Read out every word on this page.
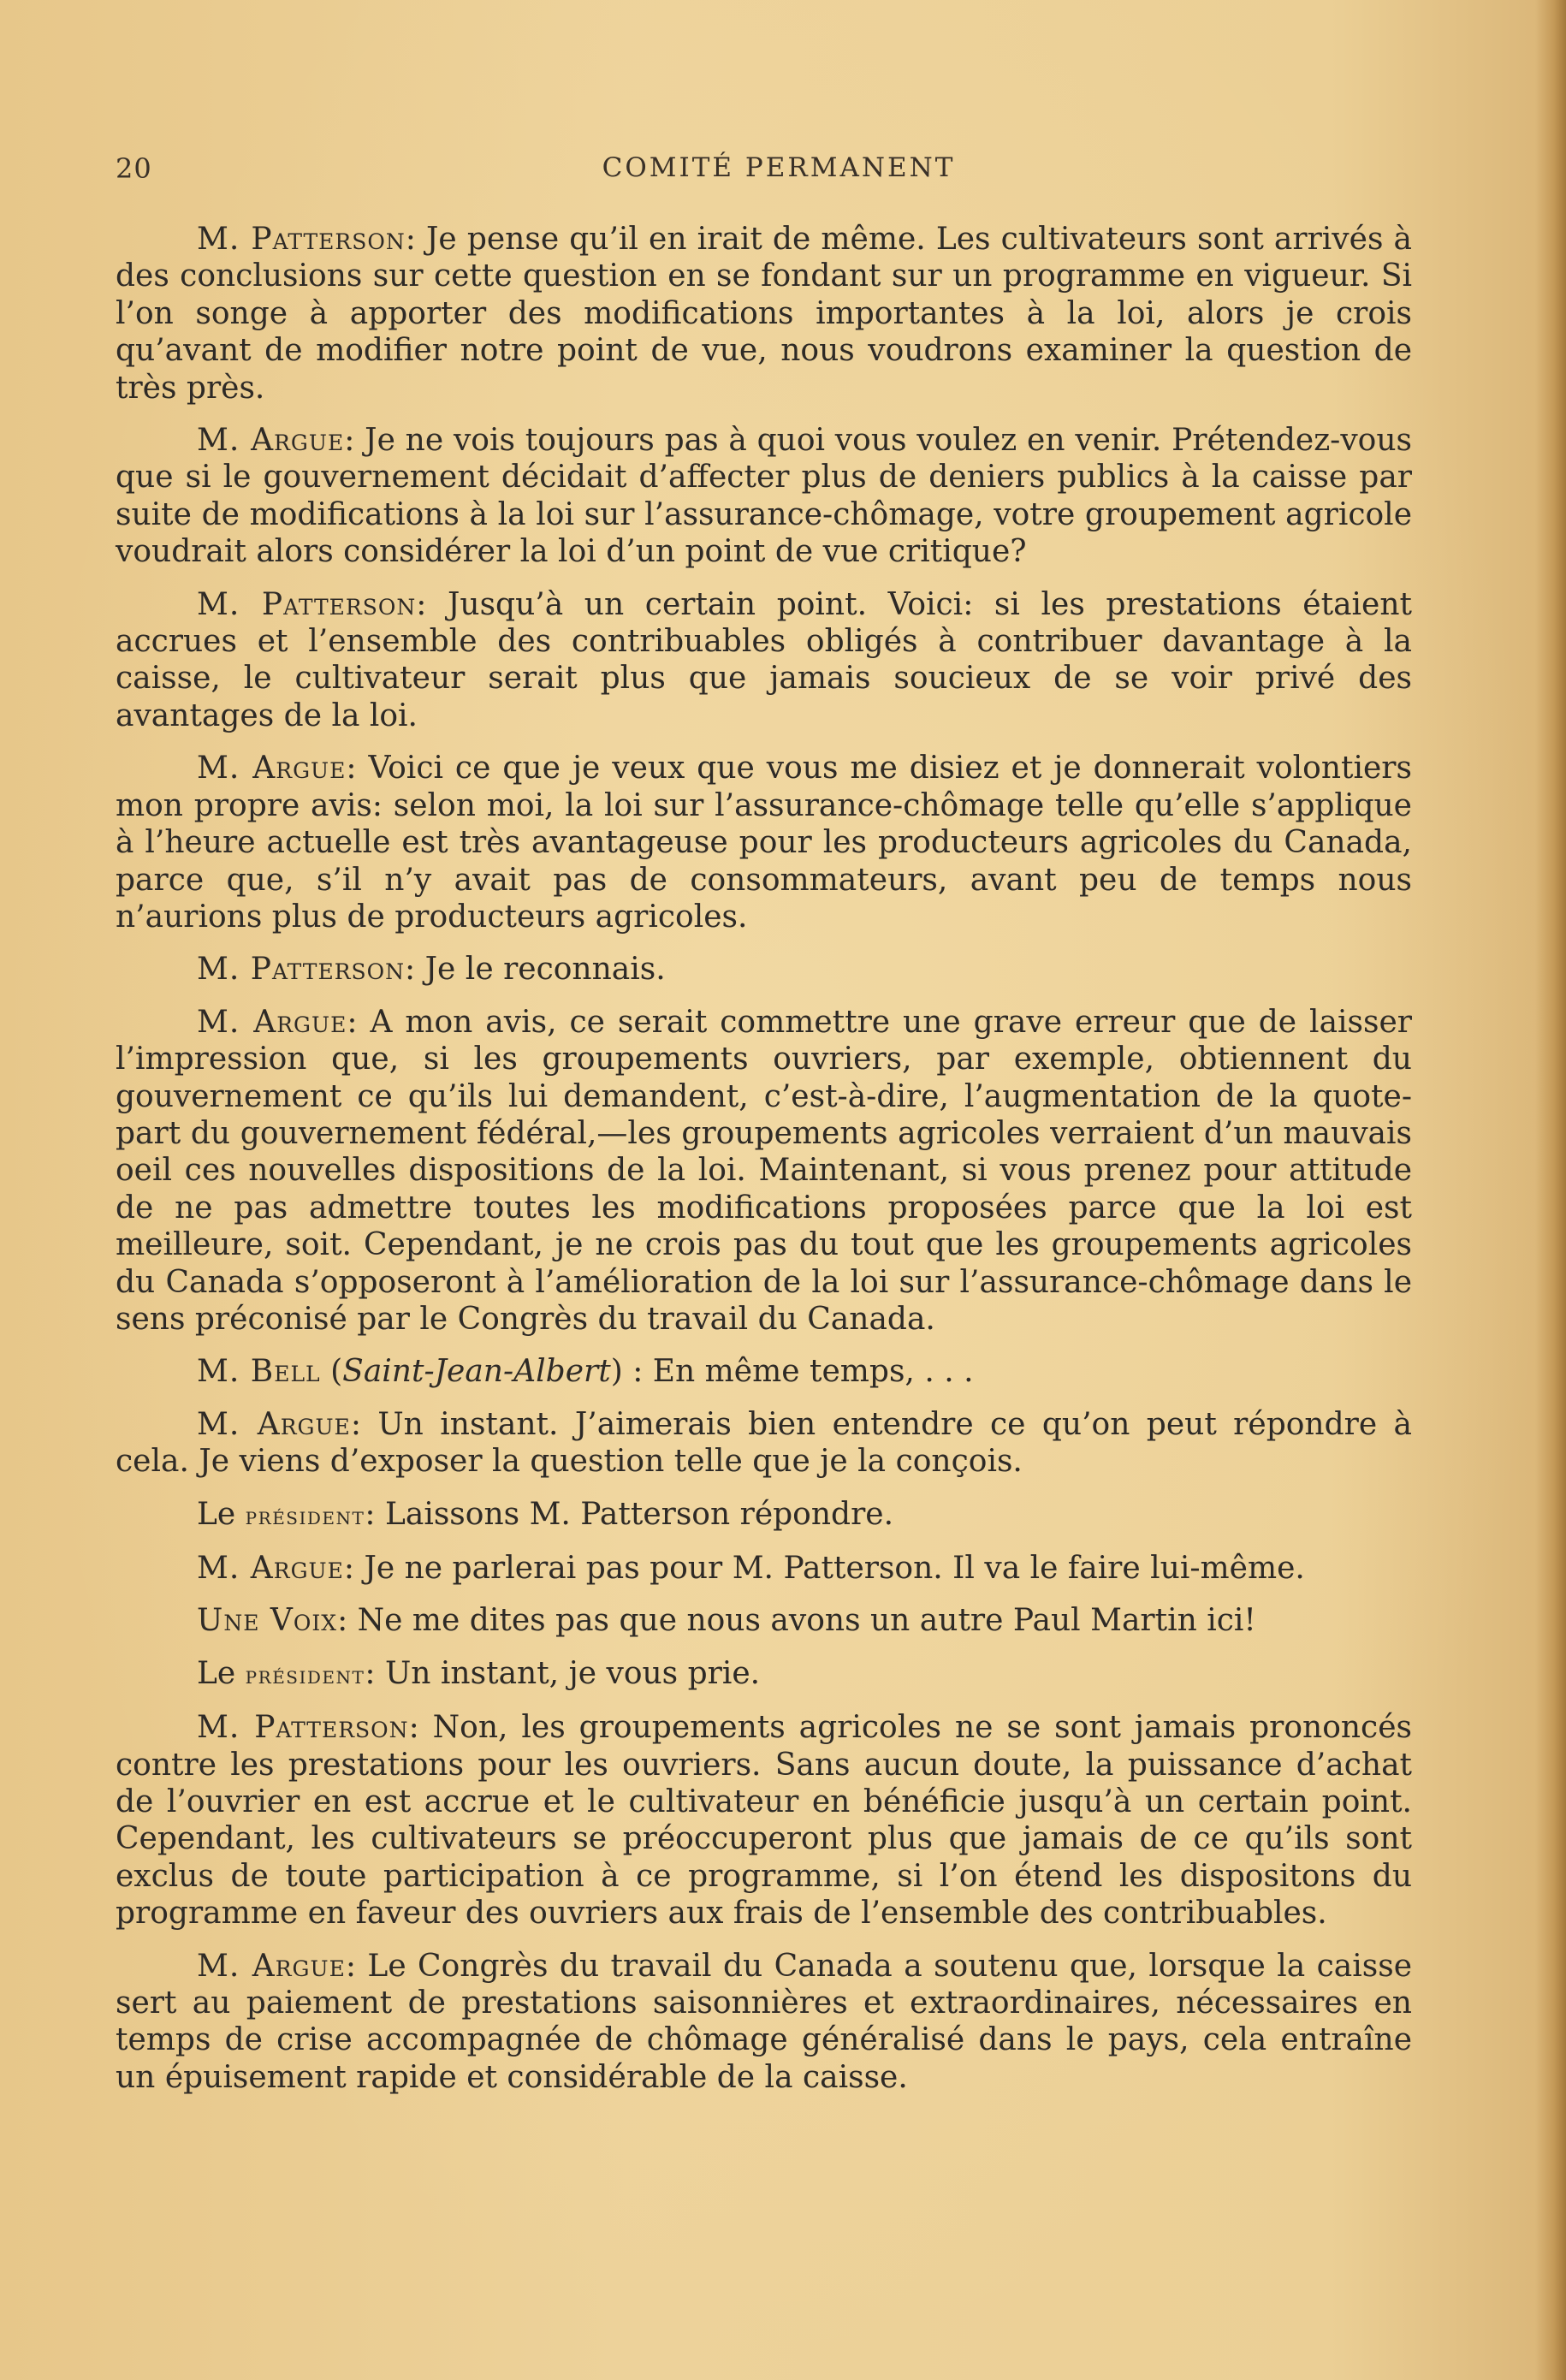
20	COMITÉ PERMANENT

M. Patterson: Je pense qu’il en irait de même. Les cultivateurs sont arrivés à des conclusions sur cette question en se fondant sur un programme en vigueur. Si l’on songe à apporter des modifications importantes à la loi, alors je crois qu’avant de modifier notre point de vue, nous voudrons examiner la question de très près.

M. Argue: Je ne vois toujours pas à quoi vous voulez en venir. Prétendez-vous que si le gouvernement décidait d’affecter plus de deniers publics à la caisse par suite de modifications à la loi sur l’assurance-chômage, votre groupement agricole voudrait alors considérer la loi d’un point de vue critique?

M. Patterson: Jusqu’à un certain point. Voici: si les prestations étaient accrues et l’ensemble des contribuables obligés à contribuer davantage à la caisse, le cultivateur serait plus que jamais soucieux de se voir privé des avantages de la loi.

M. Argue: Voici ce que je veux que vous me disiez et je donnerait volontiers mon propre avis: selon moi, la loi sur l’assurance-chômage telle qu’elle s’applique à l’heure actuelle est très avantageuse pour les producteurs agricoles du Canada, parce que, s’il n’y avait pas de consommateurs, avant peu de temps nous n’aurions plus de producteurs agricoles.

M. Patterson: Je le reconnais.

M. Argue: A mon avis, ce serait commettre une grave erreur que de laisser l’impression que, si les groupements ouvriers, par exemple, obtiennent du gouvernement ce qu’ils lui demandent, c’est-à-dire, l’augmentation de la quote-part du gouvernement fédéral,—les groupements agricoles verraient d’un mauvais oeil ces nouvelles dispositions de la loi. Maintenant, si vous prenez pour attitude de ne pas admettre toutes les modifications proposées parce que la loi est meilleure, soit. Cependant, je ne crois pas du tout que les groupements agricoles du Canada s’opposeront à l’amélioration de la loi sur l’assurance-chômage dans le sens préconisé par le Congrès du travail du Canada.

M. Bell (Saint-Jean-Albert) : En même temps, . . .

M. Argue: Un instant. J’aimerais bien entendre ce qu’on peut répondre à cela. Je viens d’exposer la question telle que je la conçois.

Le président: Laissons M. Patterson répondre.

M. Argue: Je ne parlerai pas pour M. Patterson. Il va le faire lui-même.

Une Voix: Ne me dites pas que nous avons un autre Paul Martin ici!

Le président: Un instant, je vous prie.

M. Patterson: Non, les groupements agricoles ne se sont jamais prononcés contre les prestations pour les ouvriers. Sans aucun doute, la puissance d’achat de l’ouvrier en est accrue et le cultivateur en bénéficie jusqu’à un certain point. Cependant, les cultivateurs se préoccuperont plus que jamais de ce qu’ils sont exclus de toute participation à ce programme, si l’on étend les dispositons du programme en faveur des ouvriers aux frais de l’ensemble des contribuables.

M. Argue: Le Congrès du travail du Canada a soutenu que, lorsque la caisse sert au paiement de prestations saisonnières et extraordinaires, nécessaires en temps de crise accompagnée de chômage généralisé dans le pays, cela entraîne un épuisement rapide et considérable de la caisse.
